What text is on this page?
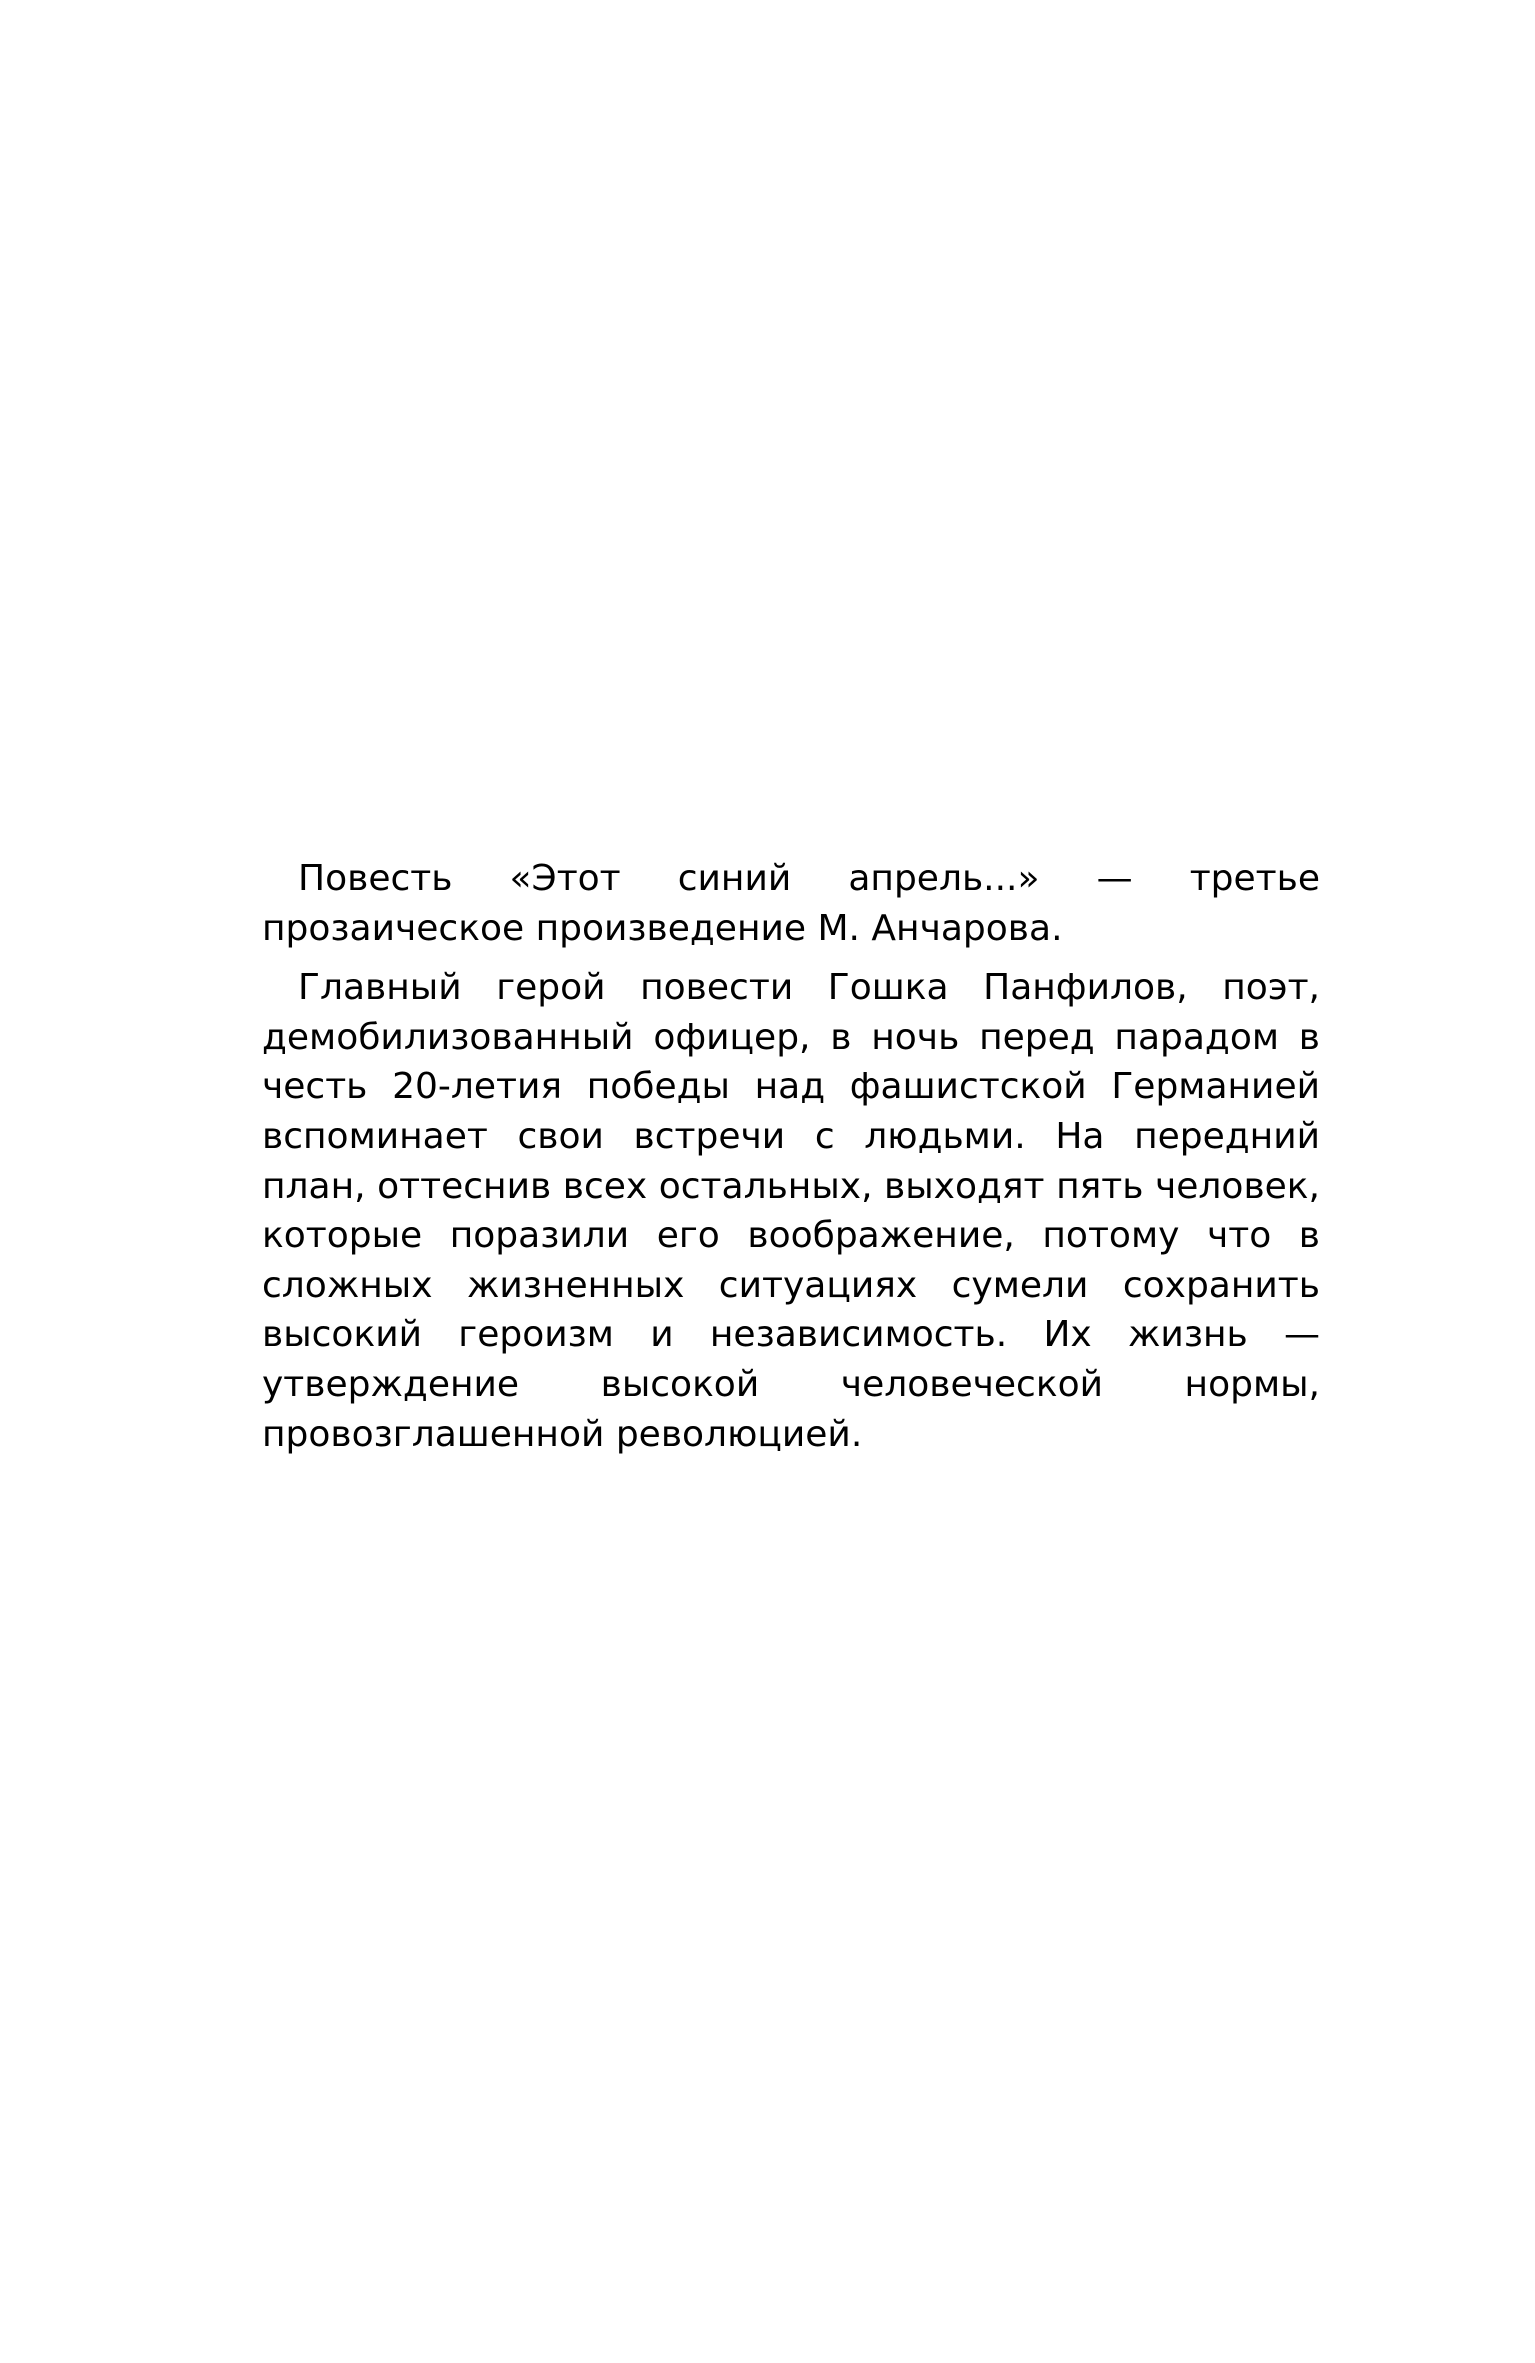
Повесть «Этот синий апрель...» — третье прозаическое произведение М. Анчарова.

Главный герой повести Гошка Панфилов, поэт, демобилизованный офицер, в ночь перед парадом в честь 20-летия победы над фашистской Германией вспоминает свои встречи с людьми. На передний план, оттеснив всех остальных, выходят пять человек, которые поразили его воображение, потому что в сложных жизненных ситуациях сумели сохранить высокий героизм и независимость. Их жизнь — утверждение высокой человеческой нормы, провозглашенной революцией.
